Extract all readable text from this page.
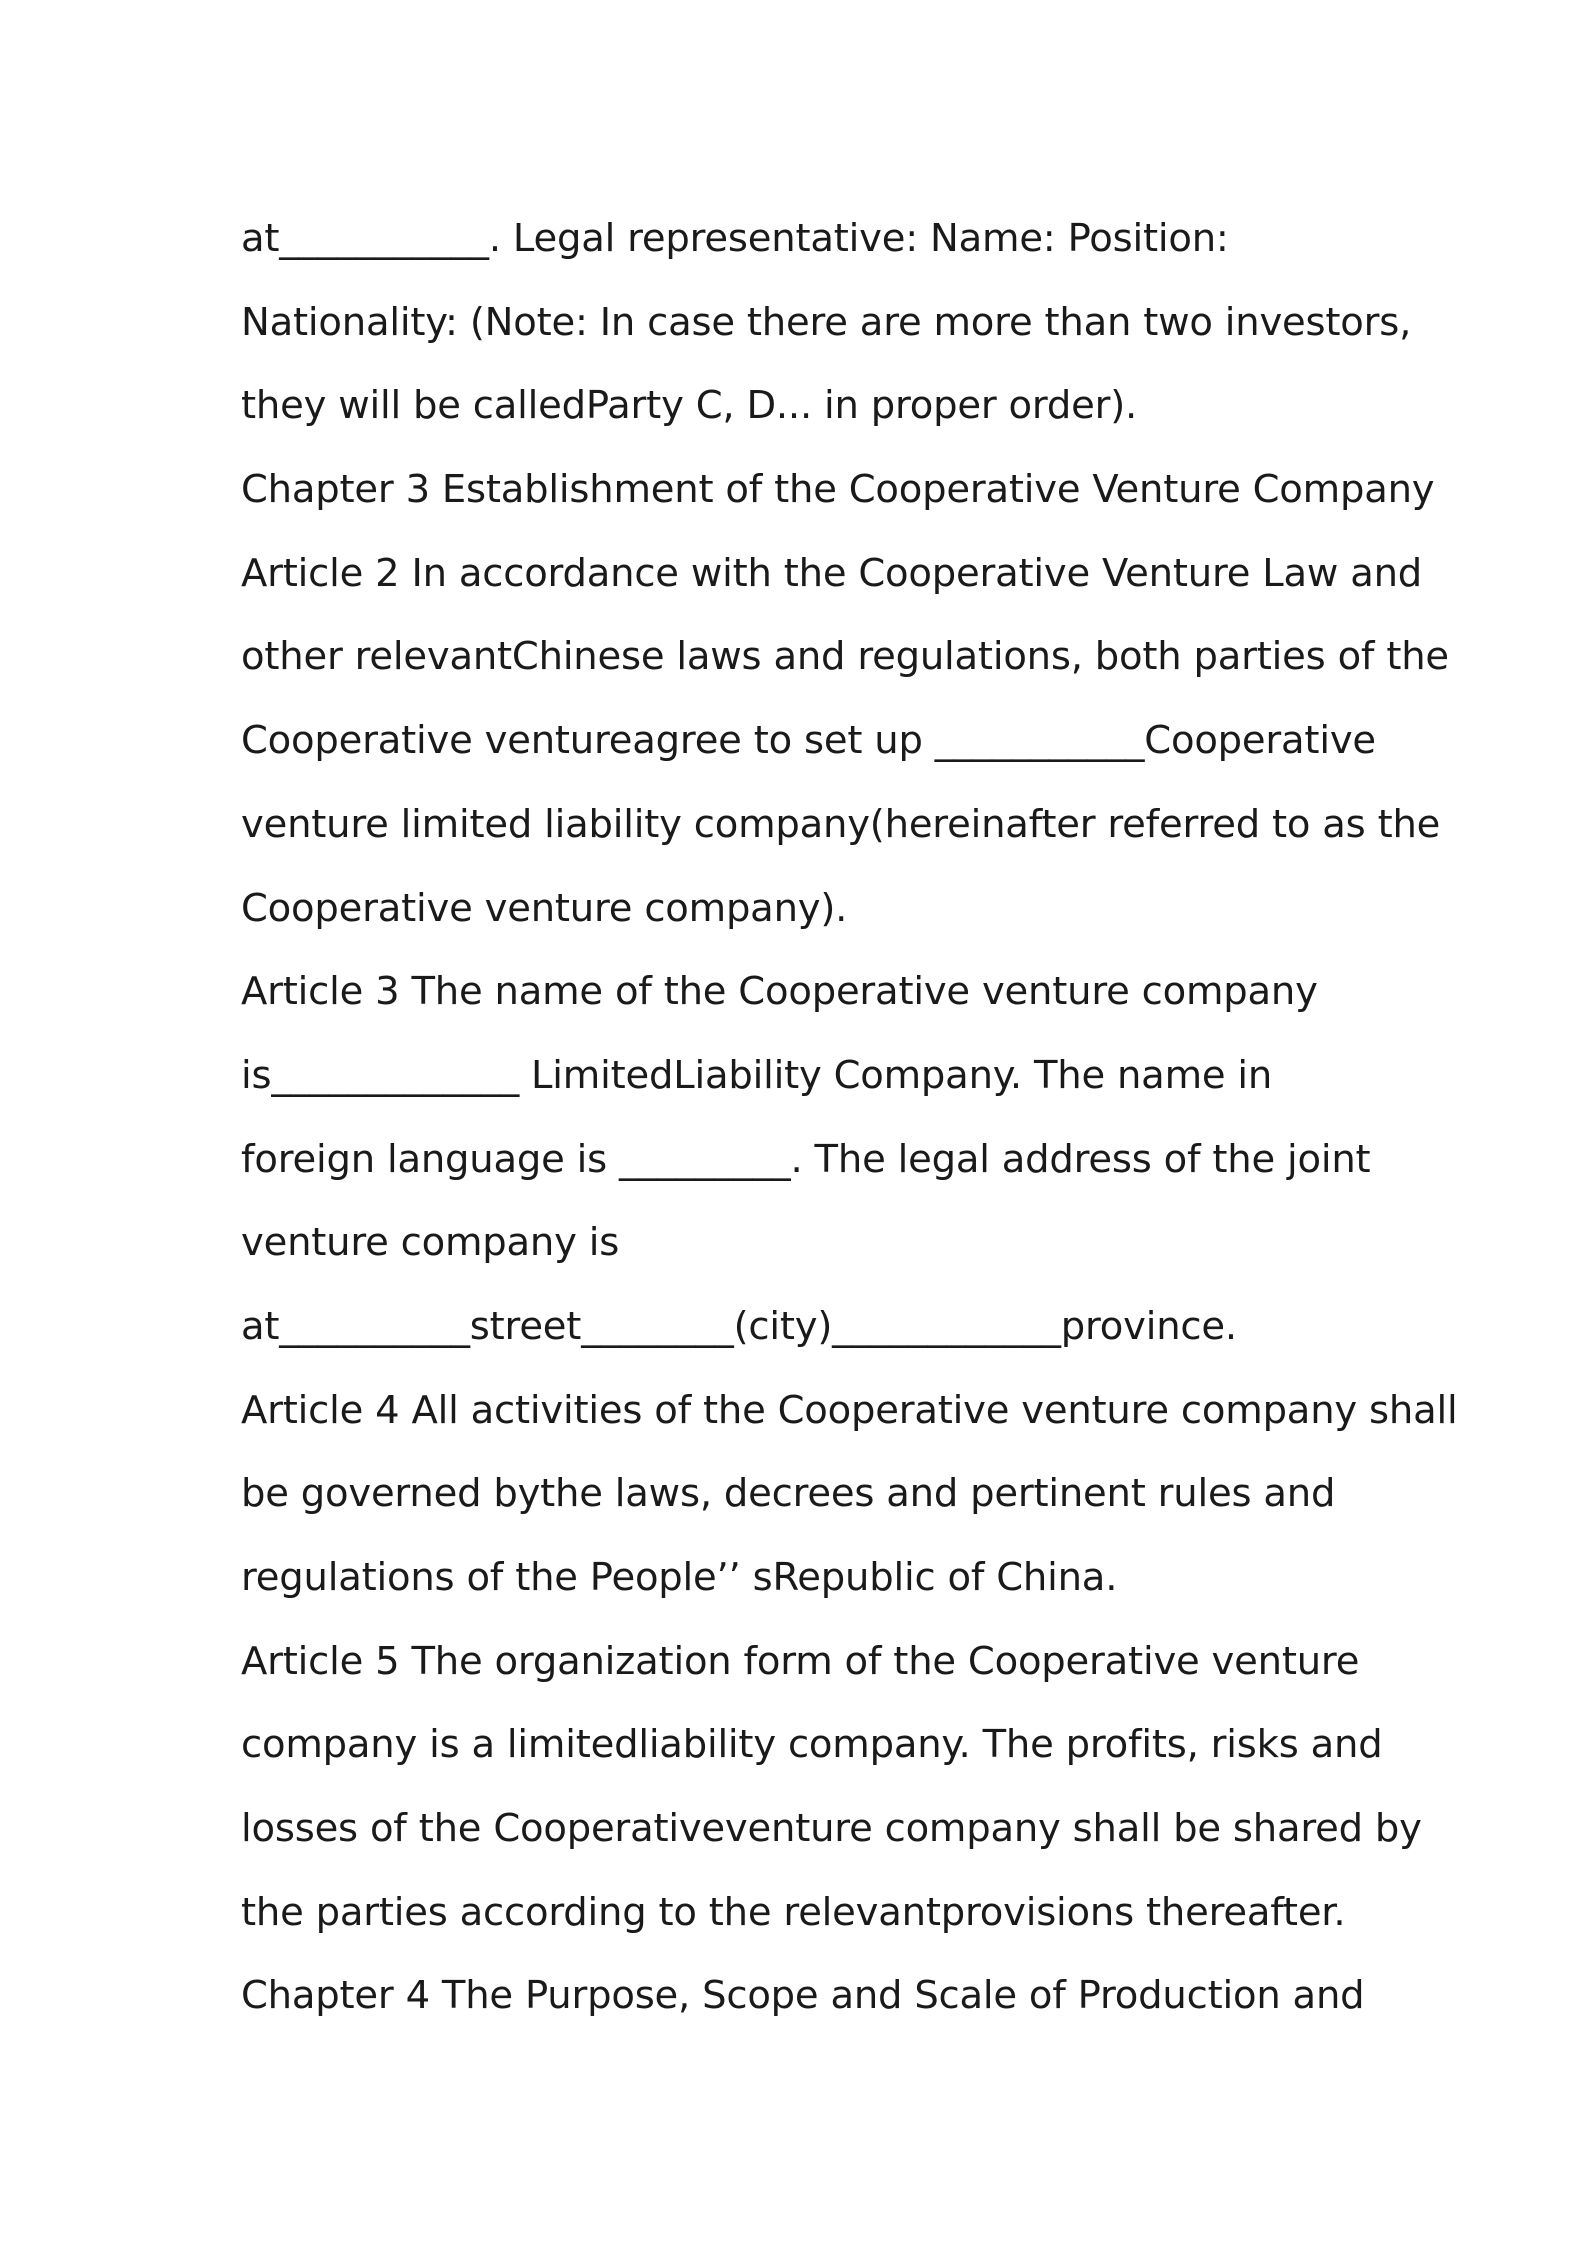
at___________. Legal representative: Name: Position:
Nationality: (Note: In case there are more than two investors,
they will be calledParty C, D... in proper order).
Chapter 3 Establishment of the Cooperative Venture Company
Article 2 In accordance with the Cooperative Venture Law and
other relevantChinese laws and regulations, both parties of the
Cooperative ventureagree to set up ___________Cooperative
venture limited liability company(hereinafter referred to as the
Cooperative venture company).
Article 3 The name of the Cooperative venture company
is_____________ LimitedLiability Company. The name in
foreign language is _________. The legal address of the joint
venture company is
at__________street________(city)____________province.
Article 4 All activities of the Cooperative venture company shall
be governed bythe laws, decrees and pertinent rules and
regulations of the People’’ sRepublic of China.
Article 5 The organization form of the Cooperative venture
company is a limitedliability company. The profits, risks and
losses of the Cooperativeventure company shall be shared by
the parties according to the relevantprovisions thereafter.
Chapter 4 The Purpose, Scope and Scale of Production and
